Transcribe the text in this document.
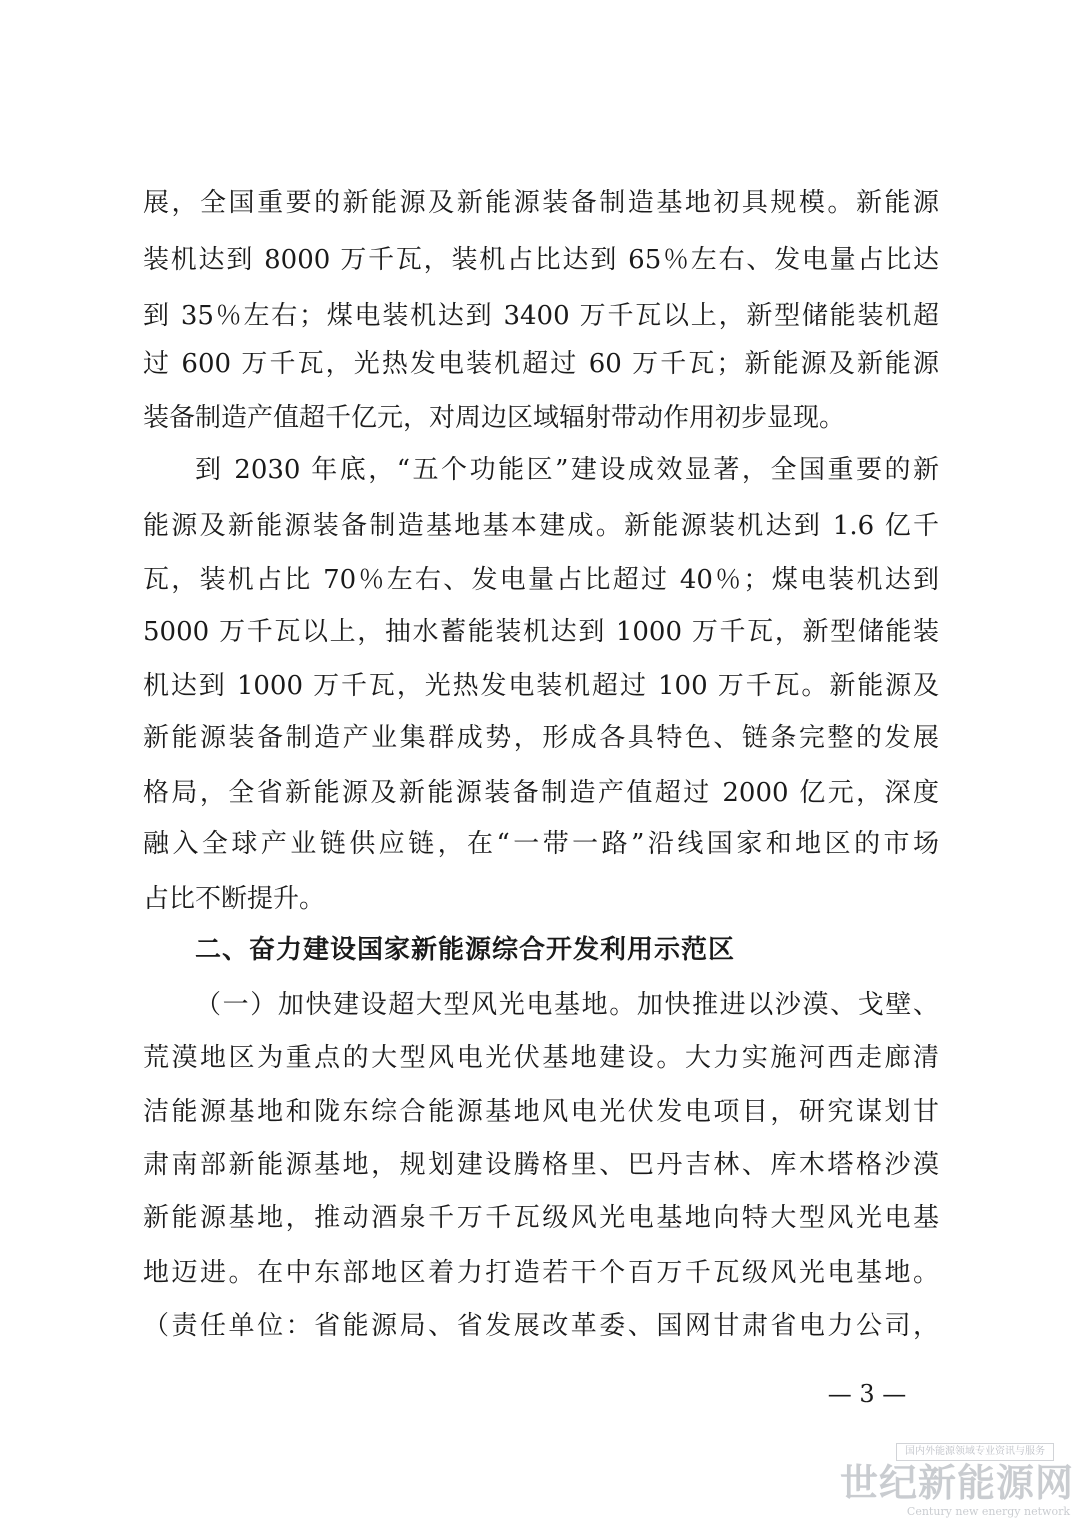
展，全国重要的新能源及新能源装备制造基地初具规模。新能源
装机达到 8000 万千瓦，装机占比达到 65％左右、发电量占比达
到 35％左右；煤电装机达到 3400 万千瓦以上，新型储能装机超
过 600 万千瓦，光热发电装机超过 60 万千瓦；新能源及新能源
装备制造产值超千亿元，对周边区域辐射带动作用初步显现。
到 2030 年底，“五个功能区”建设成效显著，全国重要的新
能源及新能源装备制造基地基本建成。新能源装机达到 1.6 亿千
瓦，装机占比 70％左右、发电量占比超过 40％；煤电装机达到
5000 万千瓦以上，抽水蓄能装机达到 1000 万千瓦，新型储能装
机达到 1000 万千瓦，光热发电装机超过 100 万千瓦。新能源及
新能源装备制造产业集群成势，形成各具特色、链条完整的发展
格局，全省新能源及新能源装备制造产值超过 2000 亿元，深度
融入全球产业链供应链，在“一带一路”沿线国家和地区的市场
占比不断提升。
二、奋力建设国家新能源综合开发利用示范区
（一）加快建设超大型风光电基地。加快推进以沙漠、戈壁、
荒漠地区为重点的大型风电光伏基地建设。大力实施河西走廊清
洁能源基地和陇东综合能源基地风电光伏发电项目，研究谋划甘
肃南部新能源基地，规划建设腾格里、巴丹吉林、库木塔格沙漠
新能源基地，推动酒泉千万千瓦级风光电基地向特大型风光电基
地迈进。在中东部地区着力打造若干个百万千瓦级风光电基地。
（责任单位：省能源局、省发展改革委、国网甘肃省电力公司，
— 3 —
国内外能源领域专业资讯与服务
世纪新能源网
Century new energy network
